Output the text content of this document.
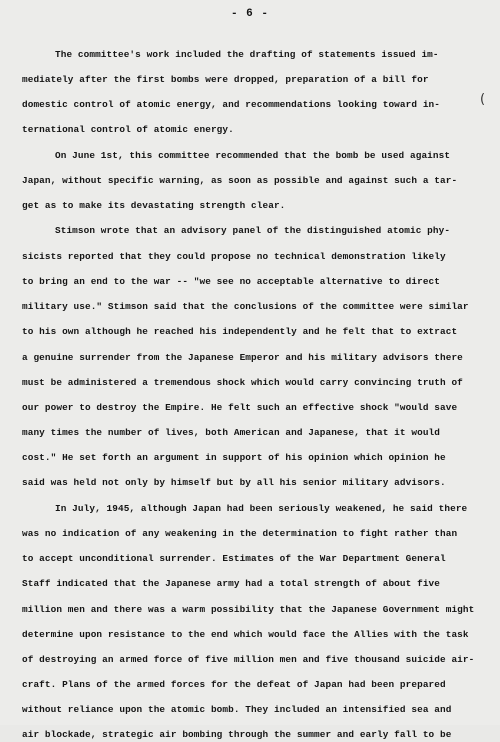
- 6 -
(
The committee's work included the drafting of statements issued im-
mediately after the first bombs were dropped, preparation of a bill for
domestic control of atomic energy, and recommendations looking toward in-
ternational control of atomic energy.
On June 1st, this committee recommended that the bomb be used against
Japan, without specific warning, as soon as possible and against such a tar-
get as to make its devastating strength clear.
Stimson wrote that an advisory panel of the distinguished atomic phy-
sicists reported that they could propose no technical demonstration likely
to bring an end to the war -- "we see no acceptable alternative to direct
military use." Stimson said that the conclusions of the committee were similar
to his own although he reached his independently and he felt that to extract
a genuine surrender from the Japanese Emperor and his military advisors there
must be administered a tremendous shock which would carry convincing truth of
our power to destroy the Empire. He felt such an effective shock "would save
many times the number of lives, both American and Japanese, that it would
cost." He set forth an argument in support of his opinion which opinion he
said was held not only by himself but by all his senior military advisors.
In July, 1945, although Japan had been seriously weakened, he said there
was no indication of any weakening in the determination to fight rather than
to accept unconditional surrender. Estimates of the War Department General
Staff indicated that the Japanese army had a total strength of about five
million men and there was a warm possibility that the Japanese Government might
determine upon resistance to the end which would face the Allies with the task
of destroying an armed force of five million men and five thousand suicide air-
craft. Plans of the armed forces for the defeat of Japan had been prepared
without reliance upon the atomic bomb. They included an intensified sea and
air blockade, strategic air bombing through the summer and early fall to be
